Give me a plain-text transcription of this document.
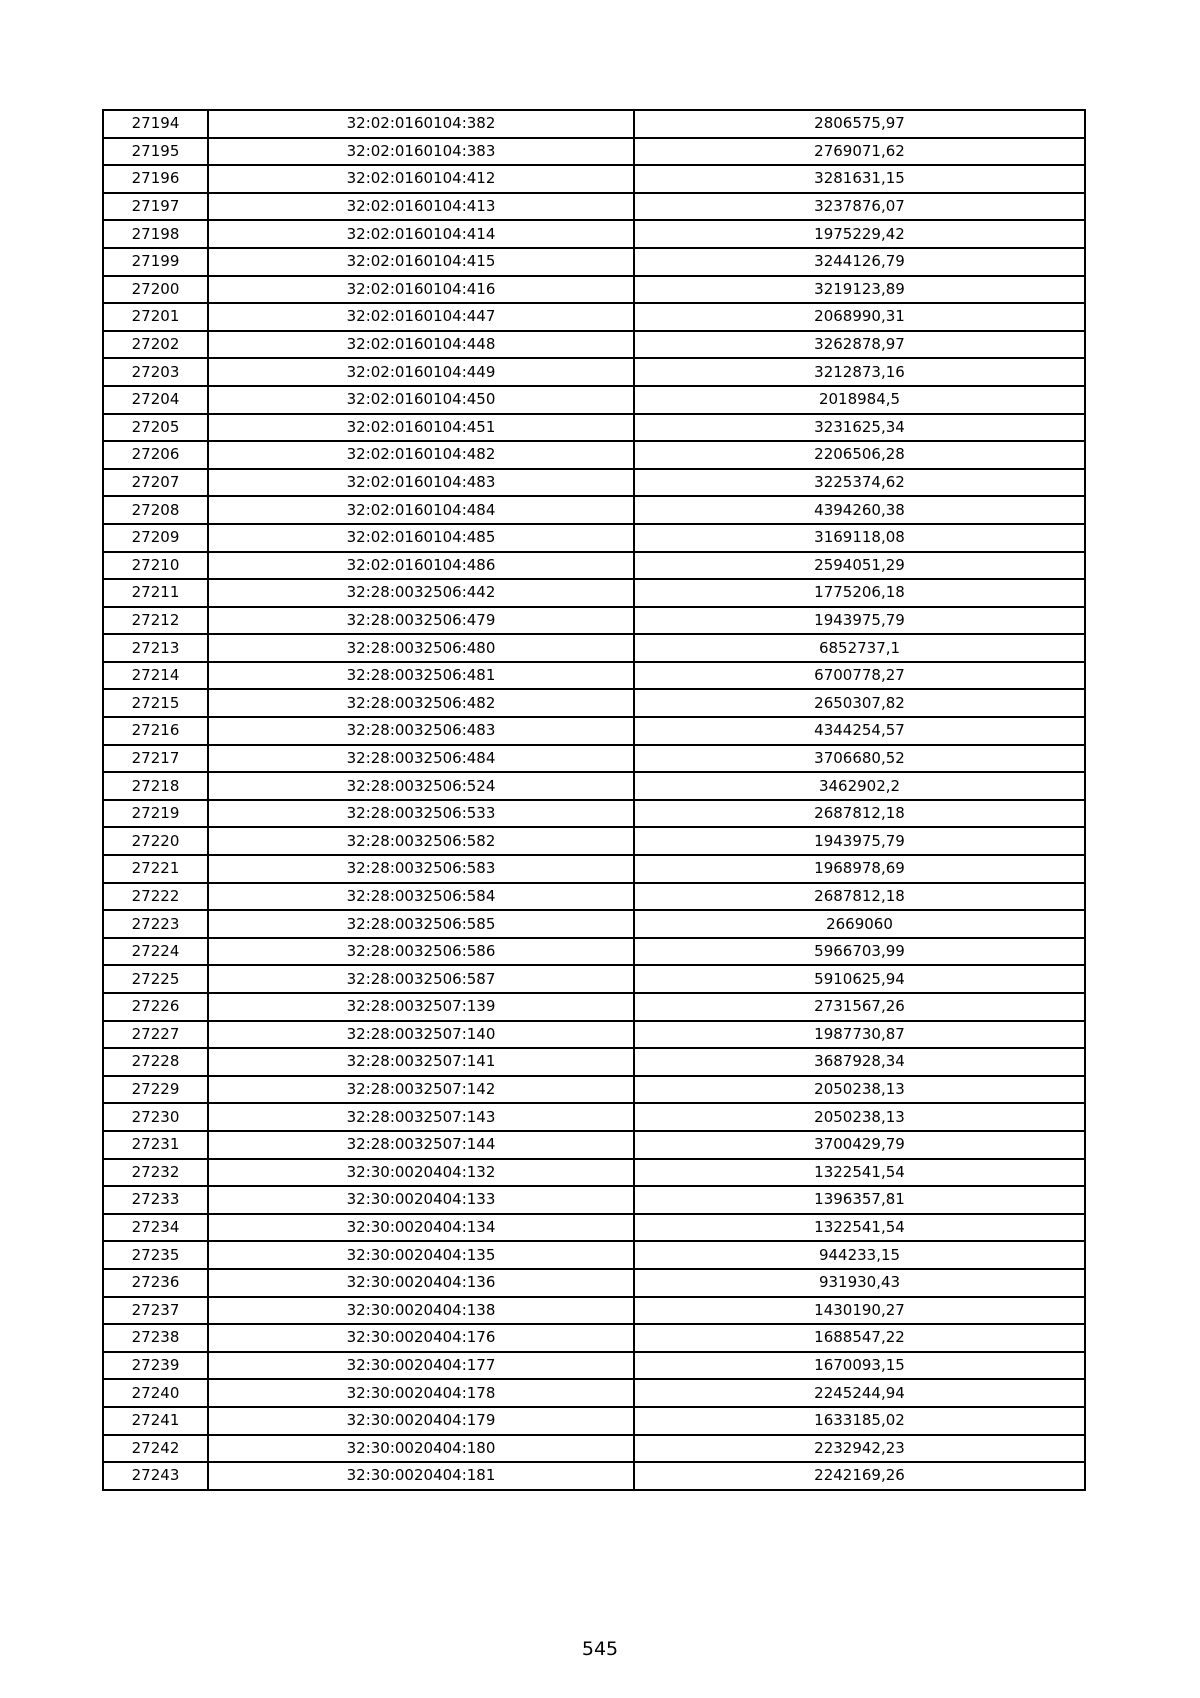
27194	32:02:0160104:382	2806575,97
27195	32:02:0160104:383	2769071,62
27196	32:02:0160104:412	3281631,15
27197	32:02:0160104:413	3237876,07
27198	32:02:0160104:414	1975229,42
27199	32:02:0160104:415	3244126,79
27200	32:02:0160104:416	3219123,89
27201	32:02:0160104:447	2068990,31
27202	32:02:0160104:448	3262878,97
27203	32:02:0160104:449	3212873,16
27204	32:02:0160104:450	2018984,5
27205	32:02:0160104:451	3231625,34
27206	32:02:0160104:482	2206506,28
27207	32:02:0160104:483	3225374,62
27208	32:02:0160104:484	4394260,38
27209	32:02:0160104:485	3169118,08
27210	32:02:0160104:486	2594051,29
27211	32:28:0032506:442	1775206,18
27212	32:28:0032506:479	1943975,79
27213	32:28:0032506:480	6852737,1
27214	32:28:0032506:481	6700778,27
27215	32:28:0032506:482	2650307,82
27216	32:28:0032506:483	4344254,57
27217	32:28:0032506:484	3706680,52
27218	32:28:0032506:524	3462902,2
27219	32:28:0032506:533	2687812,18
27220	32:28:0032506:582	1943975,79
27221	32:28:0032506:583	1968978,69
27222	32:28:0032506:584	2687812,18
27223	32:28:0032506:585	2669060
27224	32:28:0032506:586	5966703,99
27225	32:28:0032506:587	5910625,94
27226	32:28:0032507:139	2731567,26
27227	32:28:0032507:140	1987730,87
27228	32:28:0032507:141	3687928,34
27229	32:28:0032507:142	2050238,13
27230	32:28:0032507:143	2050238,13
27231	32:28:0032507:144	3700429,79
27232	32:30:0020404:132	1322541,54
27233	32:30:0020404:133	1396357,81
27234	32:30:0020404:134	1322541,54
27235	32:30:0020404:135	944233,15
27236	32:30:0020404:136	931930,43
27237	32:30:0020404:138	1430190,27
27238	32:30:0020404:176	1688547,22
27239	32:30:0020404:177	1670093,15
27240	32:30:0020404:178	2245244,94
27241	32:30:0020404:179	1633185,02
27242	32:30:0020404:180	2232942,23
27243	32:30:0020404:181	2242169,26
545
